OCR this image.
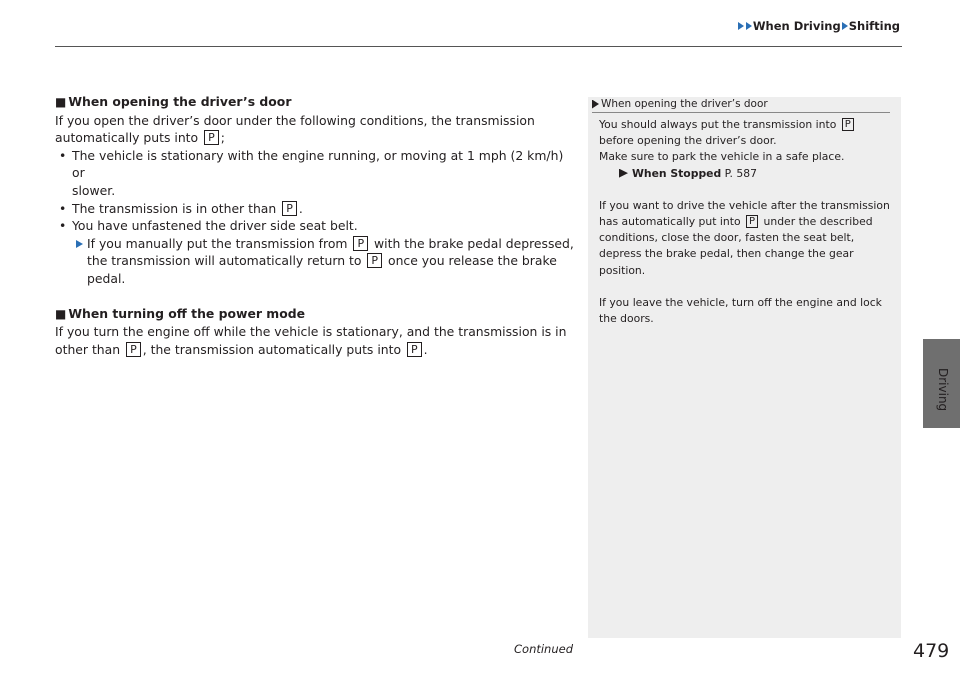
When Driving Shifting
Driving

■ When opening the driver’s door

If you open the driver’s door under the following conditions, the transmission

automatically puts into P ;

• The vehicle is stationary with the engine running, or moving at 1 mph (2 km/h) or

slower.

• The transmission is in other than P .

• You have unfastened the driver side seat belt.

If you manually put the transmission from P with the brake pedal depressed,

the transmission will automatically return to P once you release the brake

pedal.

■ When turning off the power mode

If you turn the engine off while the vehicle is stationary, and the transmission is in

other than P , the transmission automatically puts into P .

When opening the driver’s door

You should always put the transmission into P

before opening the driver’s door.

Make sure to park the vehicle in a safe place.

When Stopped P. 587

If you want to drive the vehicle after the transmission

has automatically put into P under the described

conditions, close the door, fasten the seat belt,

depress the brake pedal, then change the gear

position.

If you leave the vehicle, turn off the engine and lock

the doors.

Continued	479
